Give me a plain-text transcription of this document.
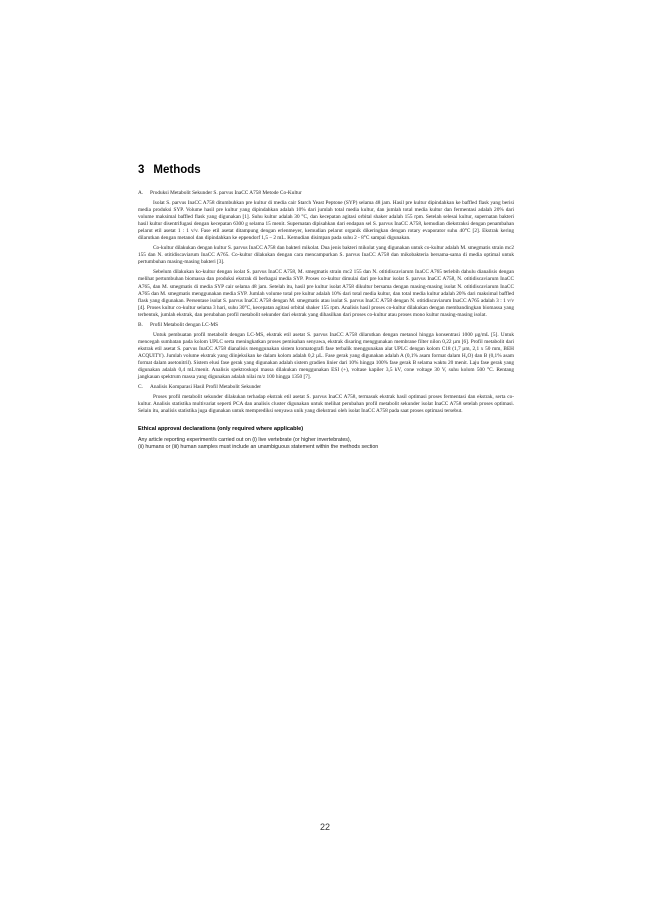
3 Methods
A. Produksi Metabolit Sekunder S. parvus InaCC A758 Metode Co-Kultur

Isolat S. parvus InaCC A758 ditumbuhkan pre kultur di media cair Starch Yeast Peptone (SYP) selama 48 jam. Hasil pre kultur dipindahkan ke baffled flask yang berisi media produksi SYP. Volume hasil pre kultur yang dipindahkan adalah 10% dari jumlah total media kultur, dan jumlah total media kultur dan fermentasi adalah 20% dari volume maksimal baffled flask yang digunakan [1]. Suhu kultur adalah 30 °C, dan kecepatan agitasi orbital shaker adalah 155 rpm. Setelah selesai kultur, supernatan bakteri hasil kultur disentrifugasi dengan kecepatan 6300 g selama 15 menit. Supernatan dipisahkan dari endapan sel S. parvus InaCC A758, kemudian diekstraksi dengan penambahan pelarut etil asetat 1 : 1 v/v. Fase etil asetat ditampung dengan erlenmeyer, kemudian pelarut organik dikeringkan dengan rotary evaporator suhu 40°C [2]. Ekstrak kering dilarutkan dengan metanol dan dipindahkan ke eppendorf 1,5 – 2 mL. Kemudian disimpan pada suhu 2 - 8°C sampai digunakan.

Co-kultur dilakukan dengan kultur S. parvus InaCC A758 dan bakteri mikolat. Dua jenis bakteri mikolat yang digunakan untuk co-kultur adalah M. smegmatis strain mc2 155 dan N. otitidiscaviarum InaCC A765. Co-kultur dilakukan dengan cara mencampurkan S. parvus InaCC A758 dan mikobakteria bersama-sama di media optimal untuk pertumbuhan masing-masing bakteri [3].

Sebelum dilakukan ko-kultur dengan isolat S. parvus InaCC A758, M. smegmatis strain mc2 155 dan N. otitidiscaviarum InaCC A765 terlebih dahulu dianalisis dengan melihat pertumbuhan biomassa dan produksi ekstrak di berbagai media SYP. Proses co-kultur dimulai dari pre kultur isolat S. parvus InaCC A758, N. otitidiscaviarum InaCC A765, dan M. smegmatis di media SYP cair selama 48 jam. Setelah itu, hasil pre kultur isolat A758 dikultur bersama dengan masing-masing isolat N. otitidiscaviarum InaCC A765 dan M. smegmatis menggunakan media SYP. Jumlah volume total pre kultur adalah 10% dari total media kultur, dan total media kultur adalah 20% dari maksimal baffled flask yang digunakan. Persentase isolat S. parvus InaCC A758 dengan M. smegmatis atau isolat S. parvus InaCC A758 dengan N. otitidiscaviarum InaCC A765 adalah 3 : 1 v/v [4]. Proses kultur co-kultur selama 3 hari, suhu 30°C, kecepatan agitasi orbital shaker 155 rpm. Analisis hasil proses co-kultur dilakukan dengan membandingkan biomassa yang terbentuk, jumlah ekstrak, dan perubahan profil metabolit sekunder dari ekstrak yang dihasilkan dari proses co-kultur atau proses mono kultur masing-masing isolat.

B. Profil Metabolit dengan LC-MS

Untuk pembuatan profil metabolit dengan LC-MS, ekstrak etil asetat S. parvus InaCC A758 dilarutkan dengan metanol hingga konsentrasi 1000 µg/mL [5]. Untuk mencegah sumbatan pada kolom UPLC serta meningkatkan proses pemisahan senyawa, ekstrak disaring menggunakan membrane filter nilon 0,22 µm [6]. Profil metabolit dari ekstrak etil asetat S. parvus InaCC A758 dianalisis menggunakan sistem kromatografi fase terbalik menggunakan alat UPLC dengan kolom C18 (1,7 µm, 2,1 x 50 mm, BEH ACQUITY). Jumlah volume ekstrak yang diinjeksikan ke dalam kolom adalah 0,2 µL. Fase gerak yang digunakan adalah A (0,1% asam format dalam H₂O) dan B (0,1% asam format dalam asetonitril). Sistem elusi fase gerak yang digunakan adalah sistem gradien linier dari 10% hingga 100% fase gerak B selama waktu 20 menit. Laju fase gerak yang digunakan adalah 0,4 mL/menit. Analisis spektroskopi massa dilakukan menggunakan ESI (+), voltase kapiler 3,5 kV, cone voltage 30 V, suhu kolom 500 °C. Rentang jangkauan spektrum massa yang digunakan adalah nilai m/z 100 hingga 1350 [7].

C. Analisis Komparasi Hasil Profil Metabolit Sekunder

Proses profil metabolit sekunder dilakukan terhadap ekstrak etil asetat S. parvus InaCC A758, termasuk ekstrak hasil optimasi proses fermentasi dan ekstrak, serta co-kultur. Analisis statistika multivariat seperti PCA dan analisis cluster digunakan untuk melihat perubahan profil metabolit sekunder isolat InaCC A758 setelah proses optimasi. Selain itu, analisis statistika juga digunakan untuk memprediksi senyawa unik yang diekstrasi oleh isolat InaCC A758 pada saat proses optimasi tersebut.

Ethical approval declarations (only required where applicable)

Any article reporting experiment/s carried out on (i) live vertebrate (or higher invertebrates),

(ii) humans or (iii) human samples must include an unambiguous statement within the methods section

22
